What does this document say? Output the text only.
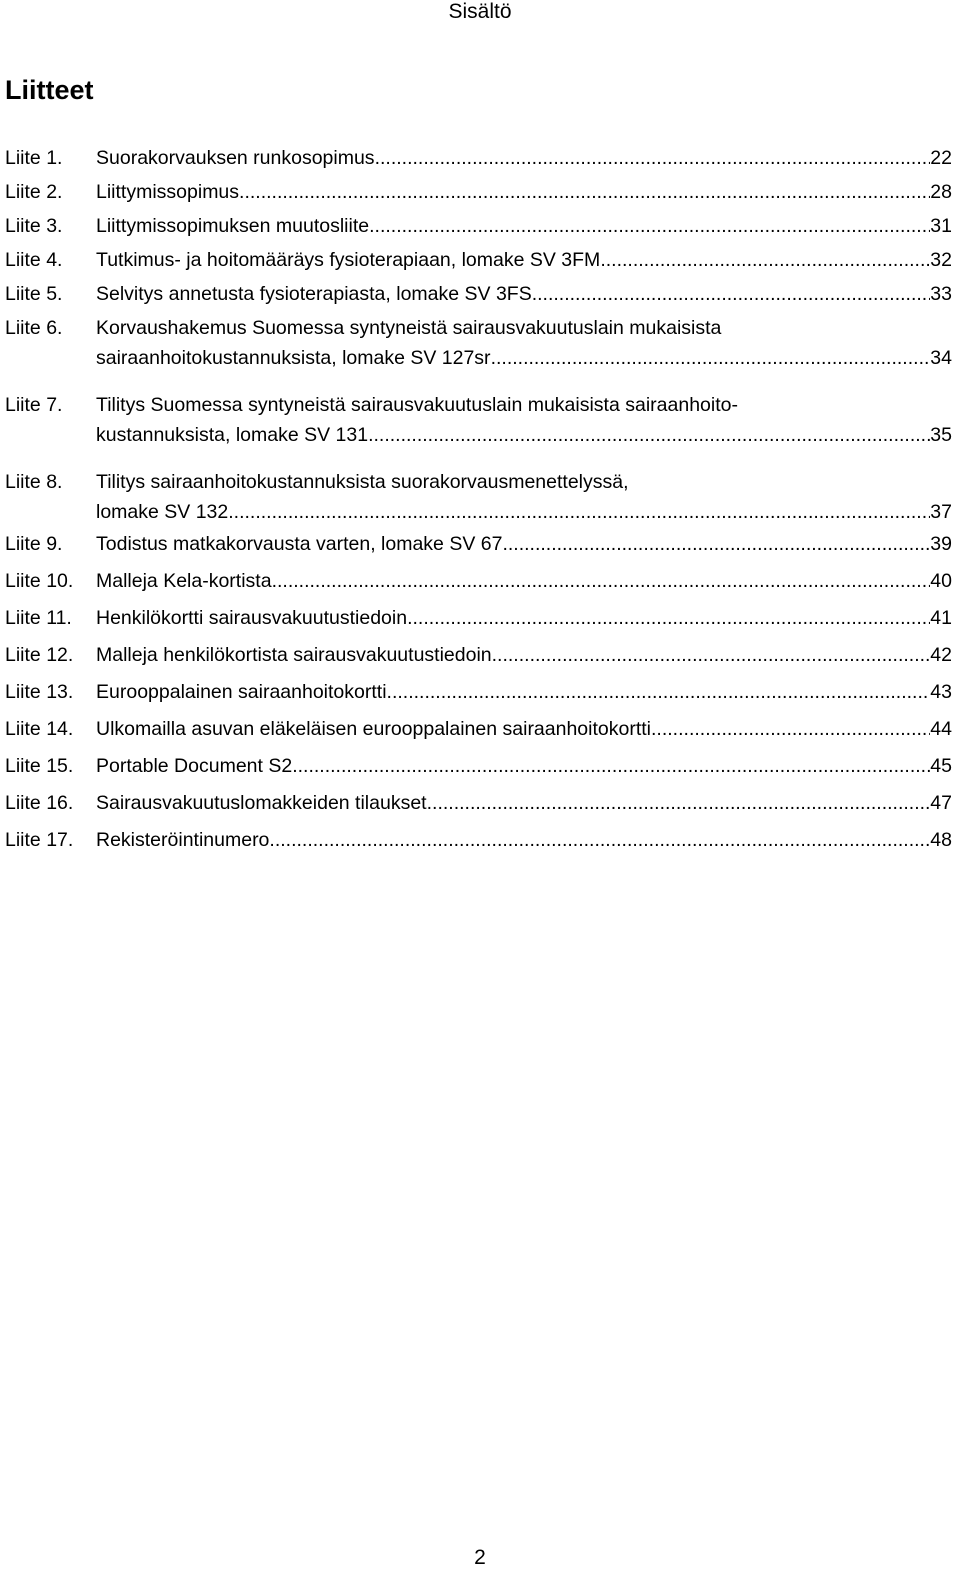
Sisältö
Liitteet
Liite 1. Suorakorvauksen runkosopimus .....	22
Liite 2. Liittymissopimus .....	28
Liite 3. Liittymissopimuksen muutosliite .....	31
Liite 4. Tutkimus- ja hoitomääräys fysioterapiaan, lomake SV 3FM .....	32
Liite 5. Selvitys annetusta fysioterapiasta, lomake SV 3FS .....	33
Liite 6. Korvaushakemus Suomessa syntyneistä sairausvakuutuslain mukaisista
sairaanhoitokustannuksista, lomake SV 127sr .....	34
Liite 7. Tilitys Suomessa syntyneistä sairausvakuutuslain mukaisista sairaanhoito-
kustannuksista, lomake SV 131 .....	35
Liite 8. Tilitys sairaanhoitokustannuksista suorakorvausmenettelyssä,
lomake SV 132 .....	37
Liite 9. Todistus matkakorvausta varten, lomake SV 67 .....	39
Liite 10. Malleja Kela-kortista .....	40
Liite 11. Henkilökortti sairausvakuutustiedoin .....	41
Liite 12. Malleja henkilökortista sairausvakuutustiedoin .....	42
Liite 13. Eurooppalainen sairaanhoitokortti .....	43
Liite 14. Ulkomailla asuvan eläkeläisen eurooppalainen sairaanhoitokortti .....	44
Liite 15. Portable Document S2 .....	45
Liite 16. Sairausvakuutuslomakkeiden tilaukset .....	47
Liite 17. Rekisteröintinumero .....	48
2
